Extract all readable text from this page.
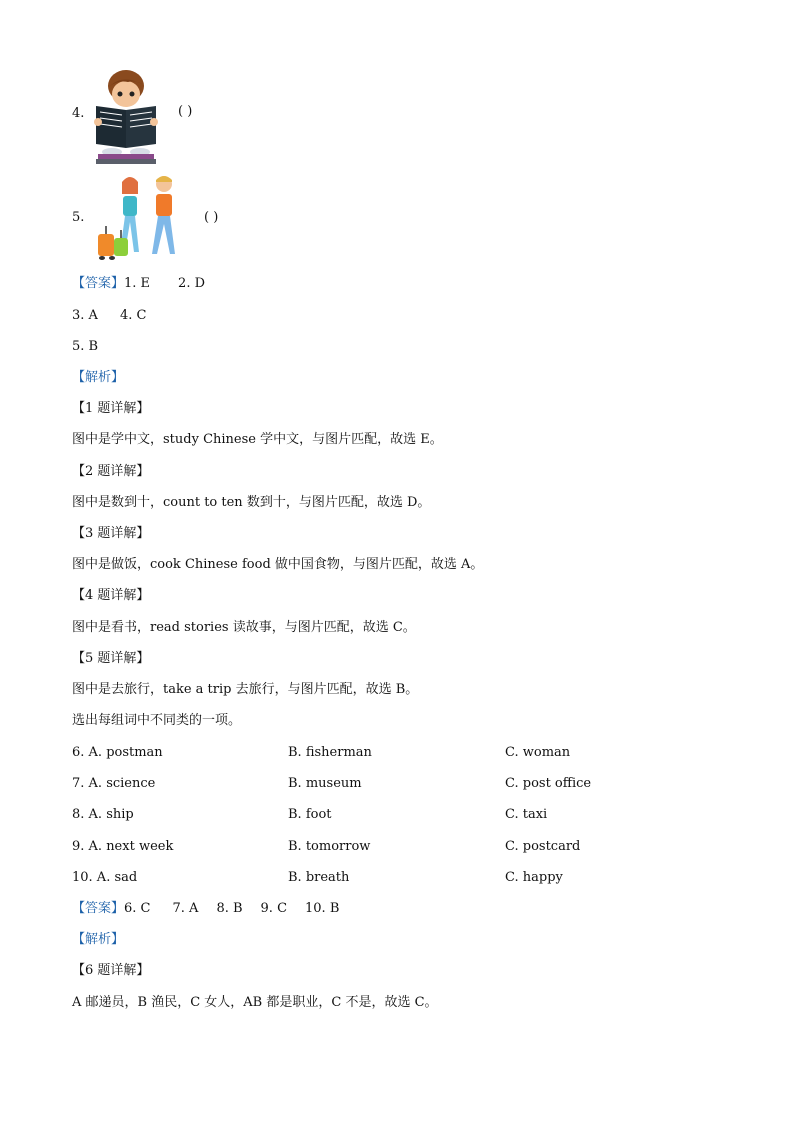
4.	( )
5.	( )
【答案】1. E 2. D
3. A 4. C
5. B
【解析】
【1 题详解】
图中是学中文，study Chinese 学中文，与图片匹配，故选 E。
【2 题详解】
图中是数到十，count to ten 数到十，与图片匹配，故选 D。
【3 题详解】
图中是做饭，cook Chinese food 做中国食物，与图片匹配，故选 A。
【4 题详解】
图中是看书，read stories 读故事，与图片匹配，故选 C。
【5 题详解】
图中是去旅行，take a trip 去旅行，与图片匹配，故选 B。
选出每组词中不同类的一项。
6. A. postman	B. fisherman	C. woman
7. A. science	B. museum	C. post office
8. A. ship	B. foot	C. taxi
9. A. next week	B. tomorrow	C. postcard
10. A. sad	B. breath	C. happy
【答案】6. C 7. A 8. B 9. C 10. B
【解析】
【6 题详解】
A 邮递员，B 渔民，C 女人，AB 都是职业，C 不是，故选 C。
